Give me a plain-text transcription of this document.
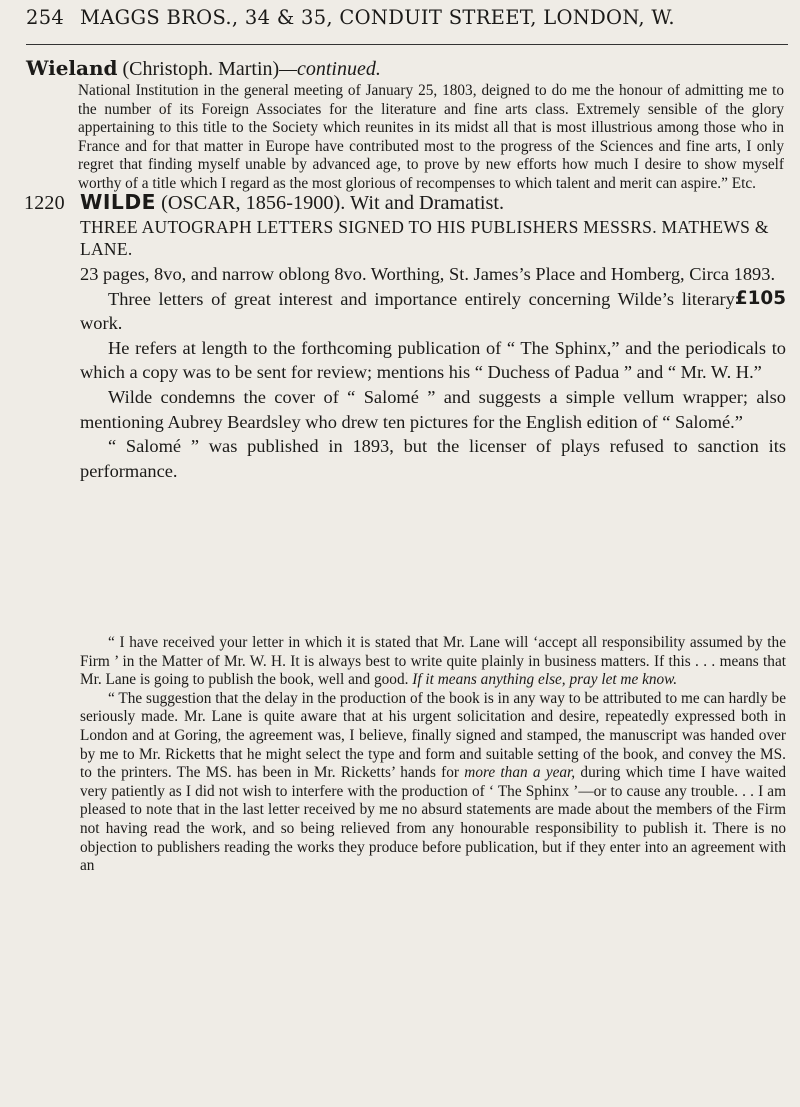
254 MAGGS BROS., 34 & 35, CONDUIT STREET, LONDON, W.
Wieland (Christoph. Martin)—continued.
National Institution in the general meeting of January 25, 1803, deigned to do me the honour of admitting me to the number of its Foreign Associates for the literature and fine arts class. Extremely sensible of the glory appertaining to this title to the Society which reunites in its midst all that is most illustrious among those who in France and for that matter in Europe have contributed most to the progress of the Sciences and fine arts, I only regret that finding myself unable by advanced age, to prove by new efforts how much I desire to show myself worthy of a title which I regard as the most glorious of recompenses to which talent and merit can aspire.” Etc.
1220 WILDE (OSCAR, 1856-1900). Wit and Dramatist.
THREE AUTOGRAPH LETTERS SIGNED TO HIS PUBLISHERS MESSRS. MATHEWS & LANE.

23 pages, 8vo, and narrow oblong 8vo. Worthing, St. James’s Place and Homberg, Circa 1893.
£105

Three letters of great interest and importance entirely concerning Wilde’s literary work.

He refers at length to the forthcoming publication of “ The Sphinx,” and the periodicals to which a copy was to be sent for review; mentions his “ Duchess of Padua ” and “ Mr. W. H.”

Wilde condemns the cover of “ Salomé ” and suggests a simple vellum wrapper; also mentioning Aubrey Beardsley who drew ten pictures for the English edition of “ Salomé.”

“ Salomé ” was published in 1893, but the licenser of plays refused to sanction its performance.

“ I have received your letter in which it is stated that Mr. Lane will ‘accept all responsibility assumed by the Firm ’ in the Matter of Mr. W. H. It is always best to write quite plainly in business matters. If this . . . means that Mr. Lane is going to publish the book, well and good. If it means anything else, pray let me know.

“ The suggestion that the delay in the production of the book is in any way to be attributed to me can hardly be seriously made. Mr. Lane is quite aware that at his urgent solicitation and desire, repeatedly expressed both in London and at Goring, the agreement was, I believe, finally signed and stamped, the manuscript was handed over by me to Mr. Ricketts that he might select the type and form and suitable setting of the book, and convey the MS. to the printers. The MS. has been in Mr. Ricketts’ hands for more than a year, during which time I have waited very patiently as I did not wish to interfere with the production of ‘ The Sphinx ’—or to cause any trouble. . . I am pleased to note that in the last letter received by me no absurd statements are made about the members of the Firm not having read the work, and so being relieved from any honourable responsibility to publish it. There is no objection to publishers reading the works they produce before publication, but if they enter into an agreement with an
